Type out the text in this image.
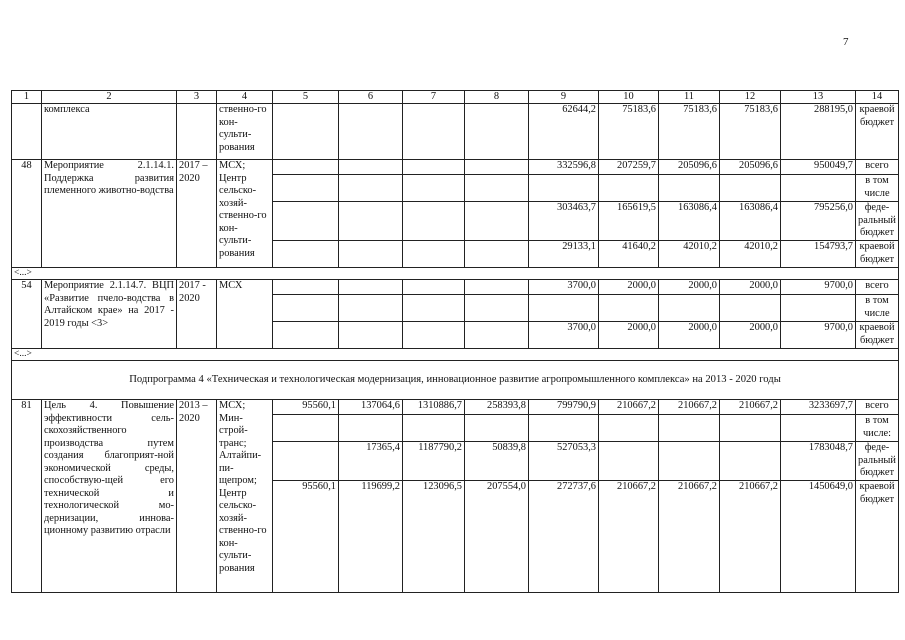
7
1	2	3	4	5	6	7	8	9	10	11	12	13	14
	комплекса		ственно-го кон-сульти-рования					62644,2	75183,6	75183,6	75183,6	288195,0	краевой бюджет
48	Мероприятие 2.1.14.1. Поддержка развития племенного животно-водства	2017 – 2020	МСХ; Центр сельско-хозяй-ственно-го кон-сульти-рования					332596,8	207259,7	205096,6	205096,6	950049,7	всего
													в том числе
								303463,7	165619,5	163086,4	163086,4	795256,0	феде-ральный бюджет
								29133,1	41640,2	42010,2	42010,2	154793,7	краевой бюджет
<...>													
54	Мероприятие 2.1.14.7. ВЦП «Развитие пчело-водства в Алтайском крае» на 2017 - 2019 годы <3>	2017 - 2020	МСХ					3700,0	2000,0	2000,0	2000,0	9700,0	всего
													в том числе
								3700,0	2000,0	2000,0	2000,0	9700,0	краевой бюджет
<...>													
Подпрограмма 4 «Техническая и технологическая модернизация, инновационное развитие агропромышленного комплекса» на 2013 - 2020 годы													
81	Цель 4. Повышение эффективности сель-скохозяйственного производства путем создания благоприят-ной экономической среды, способствую-щей его технической и технологической мо-дернизации, иннова-ционному развитию отрасли	2013 – 2020	МСХ; Мин-строй-транс; Алтайпи-пи-щепром; Центр сельско-хозяй-ственно-го кон-сульти-рования	95560,1	137064,6	1310886,7	258393,8	799790,9	210667,2	210667,2	210667,2	3233697,7	всего
													в том числе:
					17365,4	1187790,2	50839,8	527053,3				1783048,7	феде-ральный бюджет
				95560,1	119699,2	123096,5	207554,0	272737,6	210667,2	210667,2	210667,2	1450649,0	краевой бюджет
